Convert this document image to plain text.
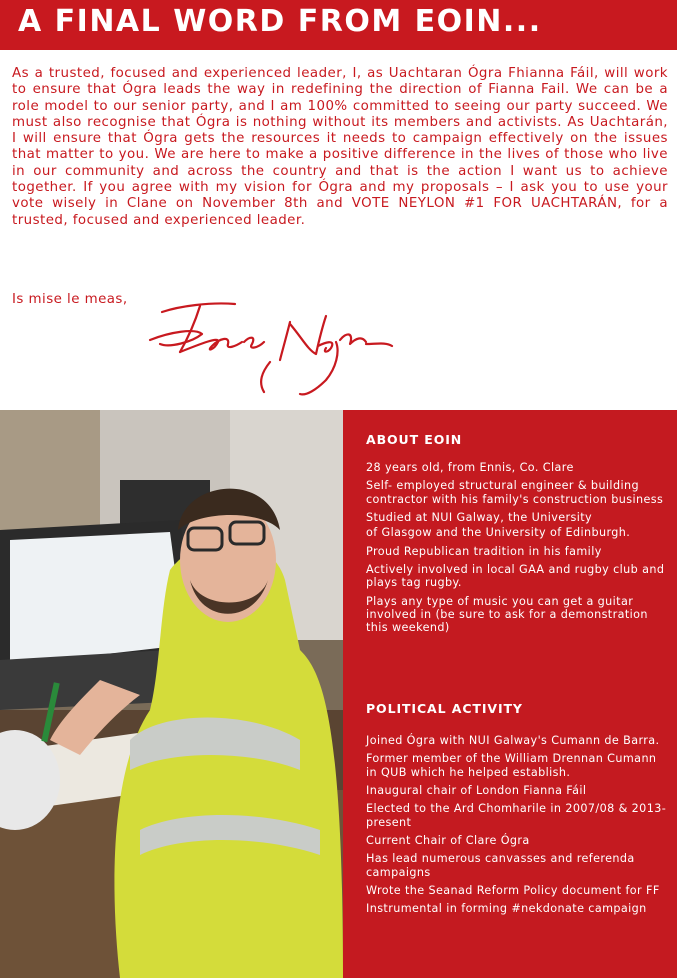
A FINAL WORD FROM EOIN...

As a trusted, focused and experienced leader, I, as Uachtaran Ógra Fhianna Fáil, will work to ensure that Ógra leads the way in redefining the direction of Fianna Fail. We can be a role model to our senior party, and I am 100% committed to seeing our party succeed. We must also recognise that Ógra is nothing without its members and activists. As Uachtarán, I will ensure that Ógra gets the resources it needs to campaign effectively on the issues that matter to you. We are here to make a positive difference in the lives of those who live in our community and across the country and that is the action I want us to achieve together. If you agree with my vision for Ógra and my proposals – I ask you to use your vote wisely in Clane on November 8th and VOTE NEYLON #1 FOR UACHTARÁN, for a trusted, focused and experienced leader.

Is mise le meas,
ABOUT EOIN
28 years old, from Ennis, Co. Clare
Self- employed structural engineer & building contractor with his family's construction business
Studied at NUI Galway, the University
of Glasgow and the University of Edinburgh.
Proud Republican tradition in his family
Actively involved in local GAA and rugby club and plays tag rugby.
Plays any type of music you can get a guitar involved in (be sure to ask for a demonstration this weekend)
POLITICAL ACTIVITY
Joined Ógra with NUI Galway's Cumann de Barra.
Former member of the William Drennan Cumann in QUB which he helped establish.
Inaugural chair of London Fianna Fáil
Elected to the Ard Chomharile in 2007/08 & 2013-present
Current Chair of Clare Ógra
Has lead numerous canvasses and referenda campaigns
Wrote the Seanad Reform Policy document for FF
Instrumental in forming #nekdonate campaign
